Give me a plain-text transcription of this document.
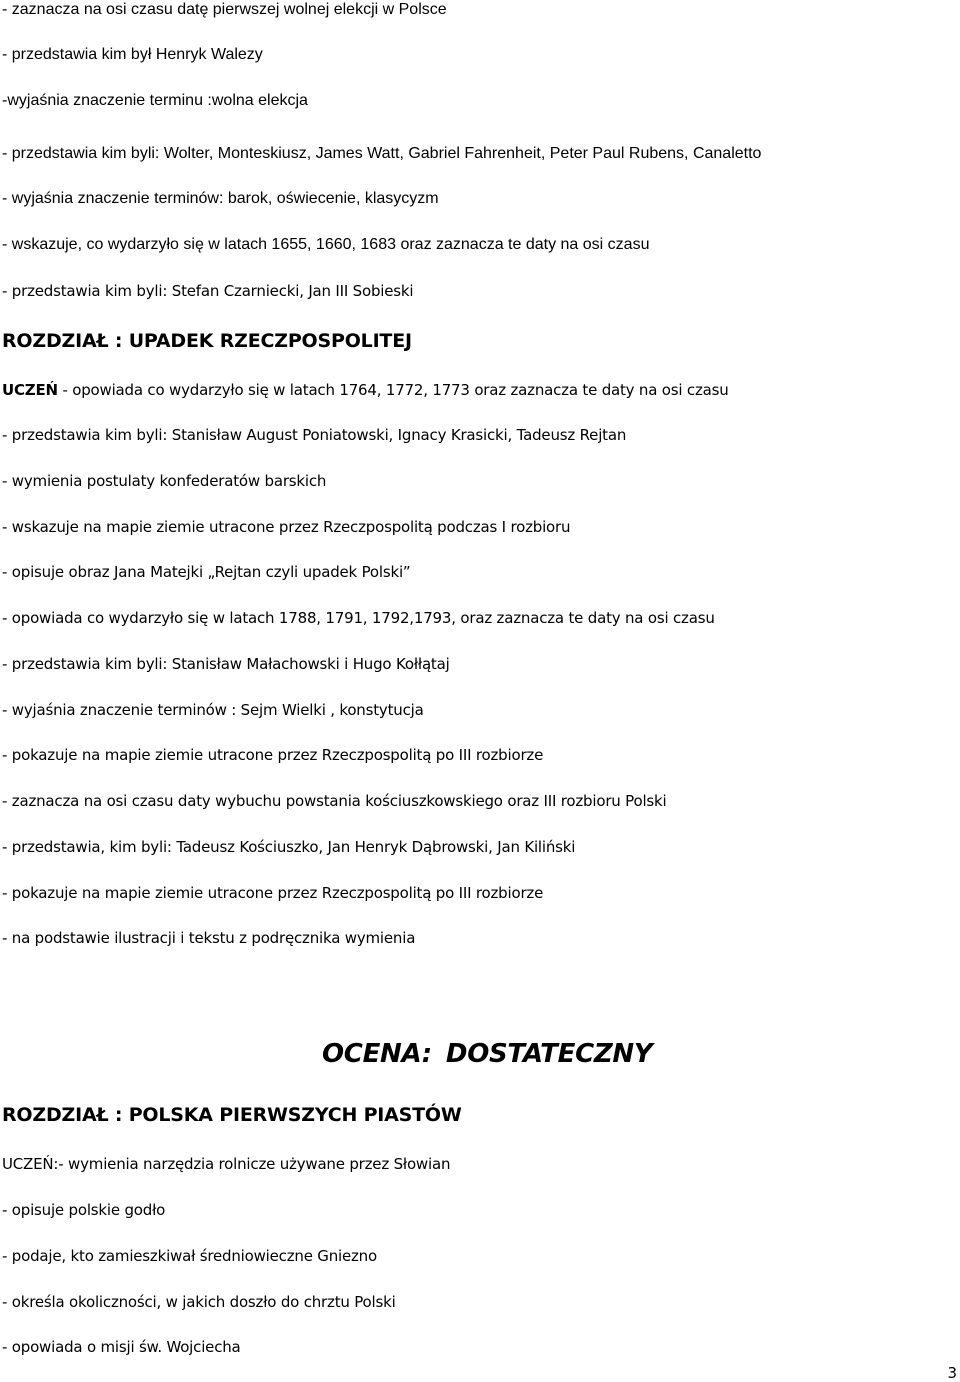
- zaznacza na osi czasu datę pierwszej wolnej elekcji w Polsce
- przedstawia kim był Henryk Walezy
-wyjaśnia znaczenie terminu :wolna elekcja
- przedstawia kim byli: Wolter, Monteskiusz, James Watt, Gabriel Fahrenheit, Peter Paul Rubens, Canaletto
- wyjaśnia znaczenie terminów: barok, oświecenie, klasycyzm
- wskazuje, co wydarzyło się w latach 1655, 1660, 1683 oraz zaznacza te daty na osi czasu
- przedstawia kim byli: Stefan Czarniecki, Jan III Sobieski
ROZDZIAŁ : UPADEK RZECZPOSPOLITEJ
UCZEŃ - opowiada co wydarzyło się w latach 1764, 1772, 1773 oraz zaznacza te daty na osi czasu
- przedstawia kim byli: Stanisław August Poniatowski, Ignacy Krasicki, Tadeusz Rejtan
- wymienia postulaty konfederatów barskich
- wskazuje na mapie ziemie utracone przez Rzeczpospolitą podczas I rozbioru
- opisuje obraz Jana Matejki „Rejtan czyli upadek Polski”
- opowiada co wydarzyło się w latach 1788, 1791, 1792,1793, oraz zaznacza te daty na osi czasu
- przedstawia kim byli: Stanisław Małachowski i Hugo Kołłątaj
- wyjaśnia znaczenie terminów : Sejm Wielki , konstytucja
- pokazuje na mapie ziemie utracone przez Rzeczpospolitą po III rozbiorze
- zaznacza na osi czasu daty wybuchu powstania kościuszkowskiego oraz III rozbioru Polski
- przedstawia, kim byli: Tadeusz Kościuszko, Jan Henryk Dąbrowski, Jan Kiliński
- pokazuje na mapie ziemie utracone przez Rzeczpospolitą po III rozbiorze
- na podstawie ilustracji i tekstu z podręcznika wymienia
OCENA: DOSTATECZNY
ROZDZIAŁ : POLSKA PIERWSZYCH PIASTÓW
UCZEŃ:- wymienia narzędzia rolnicze używane przez Słowian
- opisuje polskie godło
- podaje, kto zamieszkiwał średniowieczne Gniezno
- określa okoliczności, w jakich doszło do chrztu Polski
- opowiada o misji św. Wojciecha
3
